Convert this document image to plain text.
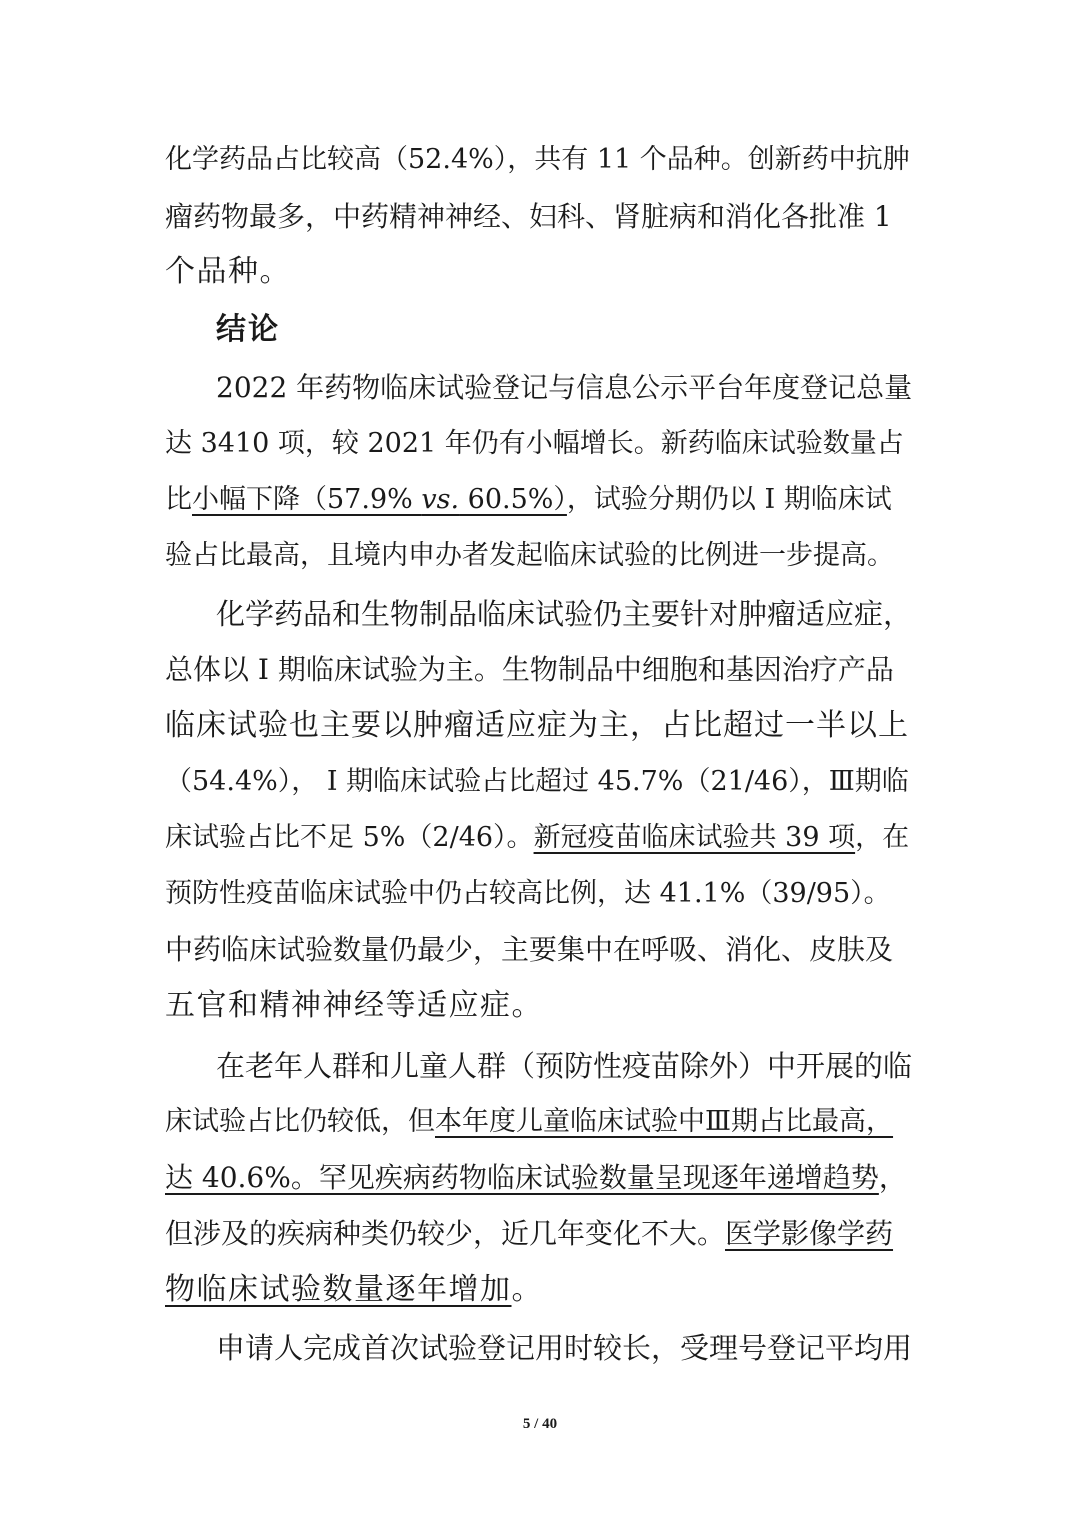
化学药品占比较高（52.4%），共有 11 个品种。创新药中抗肿
瘤药物最多，中药精神神经、妇科、肾脏病和消化各批准 1
个品种。
结论
2022 年药物临床试验登记与信息公示平台年度登记总量
达 3410 项，较 2021 年仍有小幅增长。新药临床试验数量占
比小幅下降（57.9% vs. 60.5%），试验分期仍以 I 期临床试
验占比最高，且境内申办者发起临床试验的比例进一步提高。
化学药品和生物制品临床试验仍主要针对肿瘤适应症，
总体以 I 期临床试验为主。生物制品中细胞和基因治疗产品
临床试验也主要以肿瘤适应症为主，占比超过一半以上
（54.4%）， I 期临床试验占比超过 45.7%（21/46），Ⅲ期临
床试验占比不足 5%（2/46）。新冠疫苗临床试验共 39 项，在
预防性疫苗临床试验中仍占较高比例，达 41.1%（39/95）。
中药临床试验数量仍最少，主要集中在呼吸、消化、皮肤及
五官和精神神经等适应症。
在老年人群和儿童人群（预防性疫苗除外）中开展的临
床试验占比仍较低，但本年度儿童临床试验中Ⅲ期占比最高，
达 40.6%。罕见疾病药物临床试验数量呈现逐年递增趋势，
但涉及的疾病种类仍较少，近几年变化不大。医学影像学药
物临床试验数量逐年增加。
申请人完成首次试验登记用时较长，受理号登记平均用
5 / 40
